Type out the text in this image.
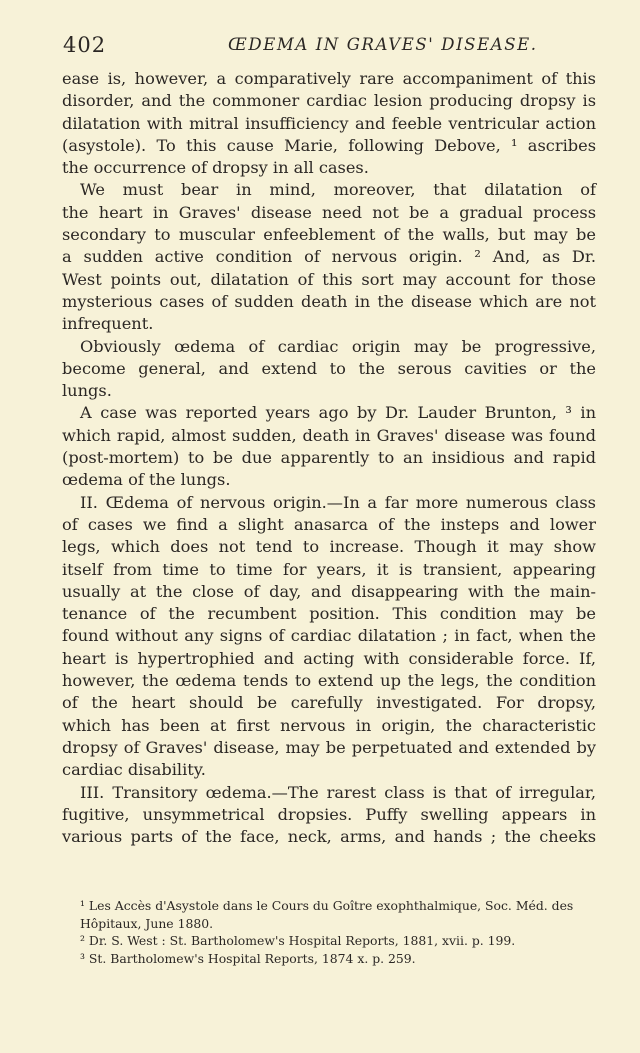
402	ŒDEMA IN GRAVES' DISEASE.
ease is, however, a comparatively rare accompaniment of this
disorder, and the commoner cardiac lesion producing dropsy is
dilatation with mitral insufficiency and feeble ventricular action
(asystole). To this cause Marie, following Debove, ¹ ascribes
the occurrence of dropsy in all cases.
We must bear in mind, moreover, that dilatation of
the heart in Graves' disease need not be a gradual process
secondary to muscular enfeeblement of the walls, but may be
a sudden active condition of nervous origin. ² And, as Dr.
West points out, dilatation of this sort may account for those
mysterious cases of sudden death in the disease which are not
infrequent.
Obviously œdema of cardiac origin may be progressive,
become general, and extend to the serous cavities or the
lungs.
A case was reported years ago by Dr. Lauder Brunton, ³ in
which rapid, almost sudden, death in Graves' disease was found
(post-mortem) to be due apparently to an insidious and rapid
œdema of the lungs.
II. Œdema of nervous origin.—In a far more numerous class
of cases we find a slight anasarca of the insteps and lower
legs, which does not tend to increase. Though it may show
itself from time to time for years, it is transient, appearing
usually at the close of day, and disappearing with the main-
tenance of the recumbent position. This condition may be
found without any signs of cardiac dilatation ; in fact, when the
heart is hypertrophied and acting with considerable force. If,
however, the œdema tends to extend up the legs, the condition
of the heart should be carefully investigated. For dropsy,
which has been at first nervous in origin, the characteristic
dropsy of Graves' disease, may be perpetuated and extended by
cardiac disability.
III. Transitory œdema.—The rarest class is that of irregular,
fugitive, unsymmetrical dropsies. Puffy swelling appears in
various parts of the face, neck, arms, and hands ; the cheeks
¹ Les Accès d'Asystole dans le Cours du Goître exophthalmique, Soc. Méd. des
Hôpitaux, June 1880.
² Dr. S. West : St. Bartholomew's Hospital Reports, 1881, xvii. p. 199.
³ St. Bartholomew's Hospital Reports, 1874 x. p. 259.
